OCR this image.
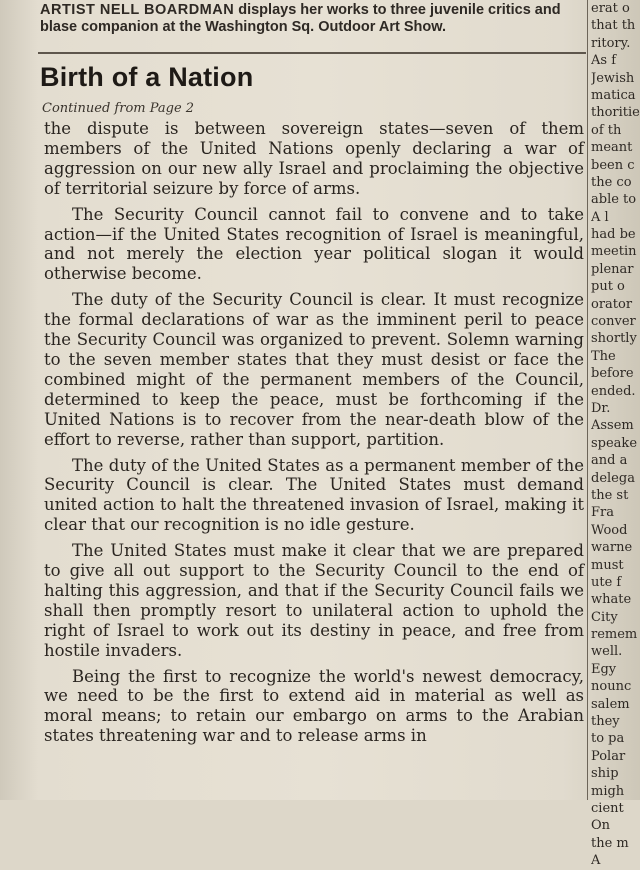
ARTIST NELL BOARDMAN displays her works to three juvenile critics and blase companion at the Washington Sq. Outdoor Art Show.
Birth of a Nation
Continued from Page 2

the dispute is between sovereign states—seven of them members of the United Nations openly declaring a war of aggression on our new ally Israel and proclaiming the objective of territorial seizure by force of arms.

The Security Council cannot fail to convene and to take action—if the United States recognition of Israel is meaningful, and not merely the election year political slogan it would otherwise become.

The duty of the Security Council is clear. It must recognize the formal declarations of war as the imminent peril to peace the Security Council was organized to prevent. Solemn warning to the seven member states that they must desist or face the combined might of the permanent members of the Council, determined to keep the peace, must be forthcoming if the United Nations is to recover from the near-death blow of the effort to reverse, rather than support, partition.

The duty of the United States as a permanent member of the Security Council is clear. The United States must demand united action to halt the threatened invasion of Israel, making it clear that our recognition is no idle gesture.

The United States must make it clear that we are prepared to give all out support to the Security Council to the end of halting this aggression, and that if the Security Council fails we shall then promptly resort to unilateral action to uphold the right of Israel to work out its destiny in peace, and free from hostile invaders.

Being the first to recognize the world's newest democracy, we need to be the first to extend aid in material as well as moral means; to retain our embargo on arms to the Arabian states threatening war and to release arms in

erat o
that th
ritory.
As f
Jewish
matica
thoritie
of th
meant
been c
the co
able to
A l
had be
meetin
plenar
put o
orator
conver
shortly
The
before
ended.
Dr.
Assem
speake
and a
delega
the st
Fra
Wood
warne
must
ute f
whate
City
remem
well.
Egy
nounc
salem
they
to pa
Polar
ship
migh
cient
On
the m
A
